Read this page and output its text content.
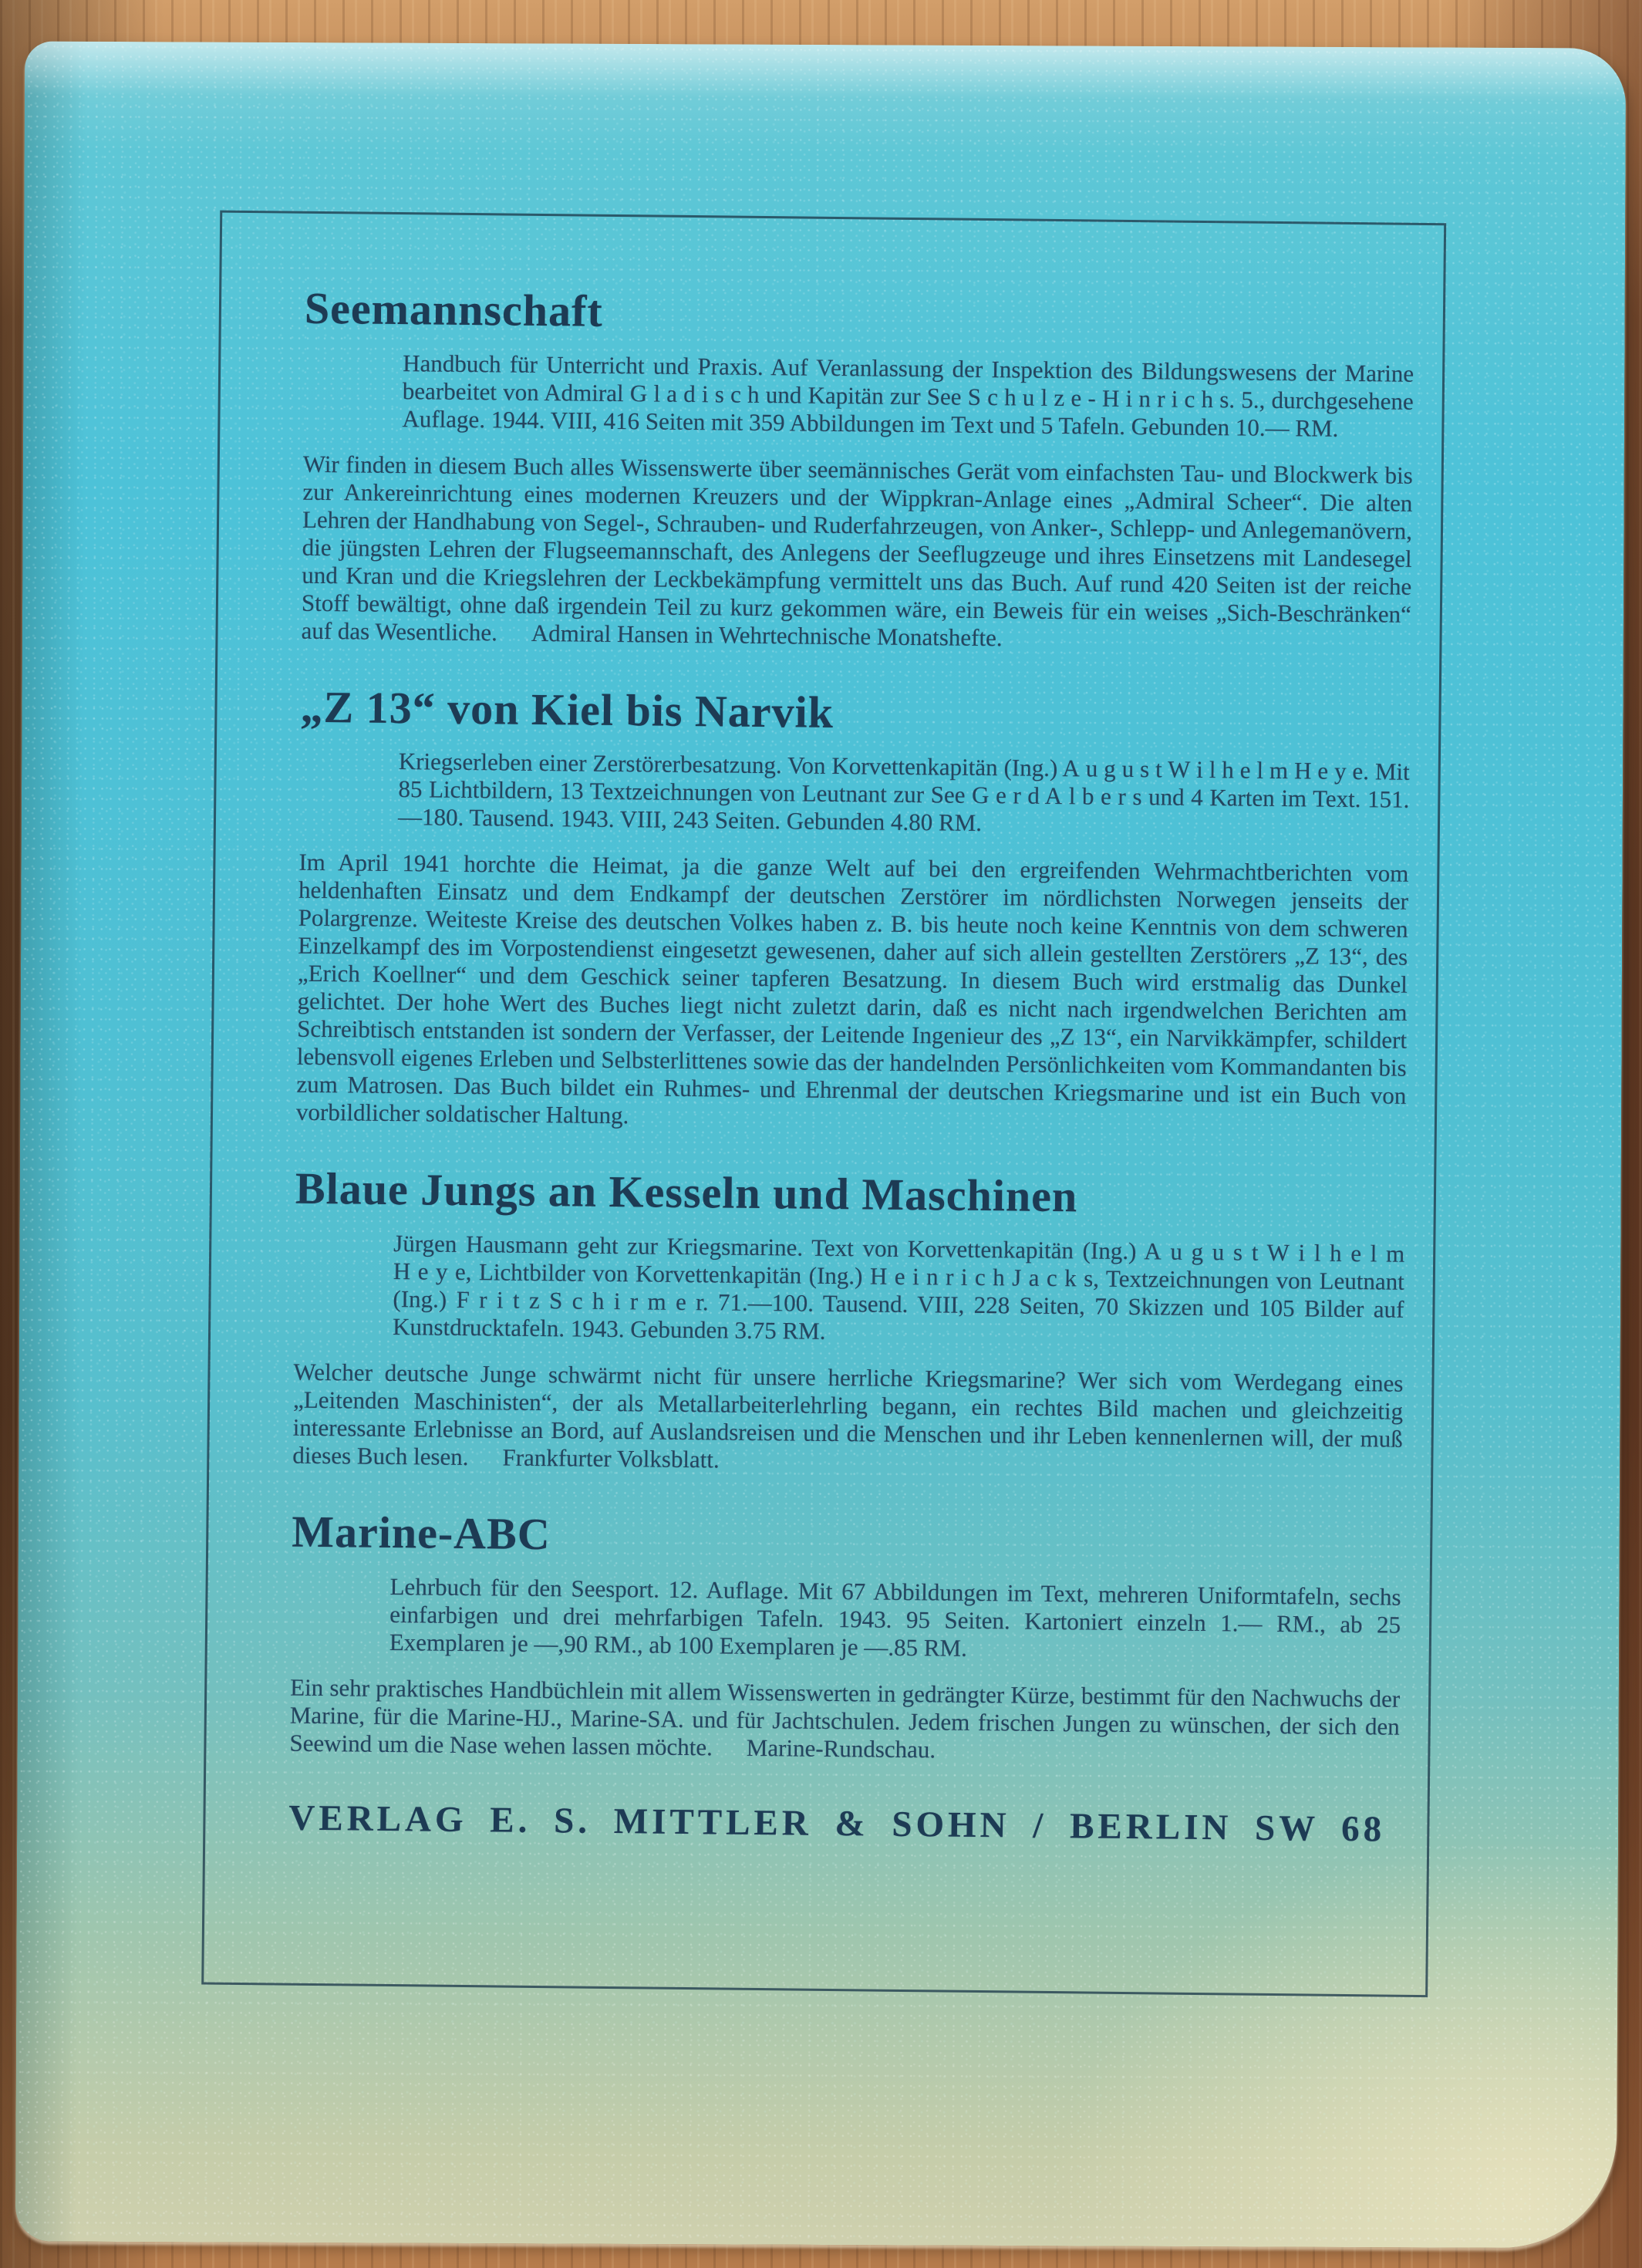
Seemannschaft

Handbuch für Unterricht und Praxis. Auf Veranlassung der Inspektion des Bildungswesens der Marine bearbeitet von Admiral G l a d i s c h und Kapitän zur See S c h u l z e - H i n r i c h s. 5., durchgesehene Auflage. 1944. VIII, 416 Seiten mit 359 Abbildungen im Text und 5 Tafeln. Gebunden 10.— RM.

Wir finden in diesem Buch alles Wissenswerte über seemännisches Gerät vom einfachsten Tau- und Blockwerk bis zur Ankereinrichtung eines modernen Kreuzers und der Wippkran-Anlage eines „Admiral Scheer“. Die alten Lehren der Handhabung von Segel-, Schrauben- und Ruderfahrzeugen, von Anker-, Schlepp- und Anlegemanövern, die jüngsten Lehren der Flugseemannschaft, des Anlegens der Seeflugzeuge und ihres Einsetzens mit Landesegel und Kran und die Kriegslehren der Leckbekämpfung vermittelt uns das Buch. Auf rund 420 Seiten ist der reiche Stoff bewältigt, ohne daß irgendein Teil zu kurz gekommen wäre, ein Beweis für ein weises „Sich-Beschränken“ auf das Wesentliche. Admiral Hansen in Wehrtechnische Monatshefte.

„Z 13“ von Kiel bis Narvik

Kriegserleben einer Zerstörerbesatzung. Von Korvettenkapitän (Ing.) A u g u s t W i l h e l m H e y e. Mit 85 Lichtbildern, 13 Textzeichnungen von Leutnant zur See G e r d A l b e r s und 4 Karten im Text. 151.—180. Tausend. 1943. VIII, 243 Seiten. Gebunden 4.80 RM.

Im April 1941 horchte die Heimat, ja die ganze Welt auf bei den ergreifenden Wehrmachtberichten vom heldenhaften Einsatz und dem Endkampf der deutschen Zerstörer im nördlichsten Norwegen jenseits der Polargrenze. Weiteste Kreise des deutschen Volkes haben z. B. bis heute noch keine Kenntnis von dem schweren Einzelkampf des im Vorpostendienst eingesetzt gewesenen, daher auf sich allein gestellten Zerstörers „Z 13“, des „Erich Koellner“ und dem Geschick seiner tapferen Besatzung. In diesem Buch wird erstmalig das Dunkel gelichtet. Der hohe Wert des Buches liegt nicht zuletzt darin, daß es nicht nach irgendwelchen Berichten am Schreibtisch entstanden ist sondern der Verfasser, der Leitende Ingenieur des „Z 13“, ein Narvikkämpfer, schildert lebensvoll eigenes Erleben und Selbsterlittenes sowie das der handelnden Persönlichkeiten vom Kommandanten bis zum Matrosen. Das Buch bildet ein Ruhmes- und Ehrenmal der deutschen Kriegsmarine und ist ein Buch von vorbildlicher soldatischer Haltung.

Blaue Jungs an Kesseln und Maschinen

Jürgen Hausmann geht zur Kriegsmarine. Text von Korvettenkapitän (Ing.) A u g u s t W i l h e l m H e y e, Lichtbilder von Korvettenkapitän (Ing.) H e i n r i c h J a c k s, Textzeichnungen von Leutnant (Ing.) F r i t z S c h i r m e r. 71.—100. Tausend. VIII, 228 Seiten, 70 Skizzen und 105 Bilder auf Kunstdrucktafeln. 1943. Gebunden 3.75 RM.

Welcher deutsche Junge schwärmt nicht für unsere herrliche Kriegsmarine? Wer sich vom Werdegang eines „Leitenden Maschinisten“, der als Metallarbeiterlehrling begann, ein rechtes Bild machen und gleichzeitig interessante Erlebnisse an Bord, auf Auslandsreisen und die Menschen und ihr Leben kennenlernen will, der muß dieses Buch lesen. Frankfurter Volksblatt.

Marine-ABC

Lehrbuch für den Seesport. 12. Auflage. Mit 67 Abbildungen im Text, mehreren Uniformtafeln, sechs einfarbigen und drei mehrfarbigen Tafeln. 1943. 95 Seiten. Kartoniert einzeln 1.— RM., ab 25 Exemplaren je —,90 RM., ab 100 Exemplaren je —.85 RM.

Ein sehr praktisches Handbüchlein mit allem Wissenswerten in gedrängter Kürze, bestimmt für den Nachwuchs der Marine, für die Marine-HJ., Marine-SA. und für Jachtschulen. Jedem frischen Jungen zu wünschen, der sich den Seewind um die Nase wehen lassen möchte. Marine-Rundschau.

VERLAG E. S. MITTLER & SOHN / BERLIN SW 68
